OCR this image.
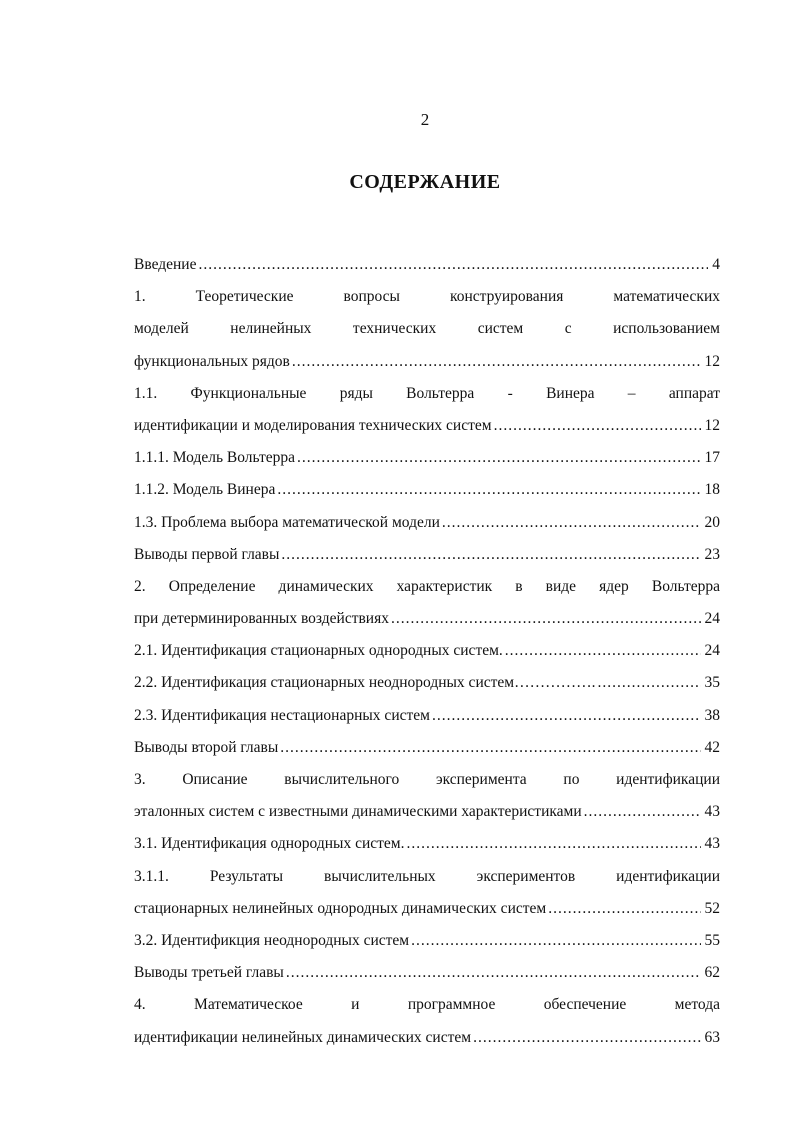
2
СОДЕРЖАНИЕ
Введение .....	4
1. Теоретические вопросы конструирования математических
моделей нелинейных технических систем с использованием
функциональных рядов .....	12
1.1. Функциональные ряды Вольтерра - Винера – аппарат
идентификации и моделирования технических систем .....	12
1.1.1. Модель Вольтерра .....	17
1.1.2. Модель Винера .....	18
1.3. Проблема выбора математической модели .....	20
Выводы первой главы .....	23
2. Определение динамических характеристик в виде ядер Вольтерра
при детерминированных воздействиях .....	24
2.1. Идентификация стационарных однородных систем. .....	24
2.2. Идентификация стационарных неоднородных систем……………. .....	35
2.3. Идентификация нестационарных систем .....	38
Выводы второй главы .....	42
3. Описание вычислительного эксперимента по идентификации
эталонных систем с известными динамическими характеристиками .....	43
3.1. Идентификация однородных систем. .....	43
3.1.1. Результаты вычислительных экспериментов идентификации
стационарных нелинейных однородных динамических систем .....	52
3.2. Идентификция неоднородных систем .....	55
Выводы третьей главы .....	62
4. Математическое и программное обеспечение метода
идентификации нелинейных динамических систем .....	63
